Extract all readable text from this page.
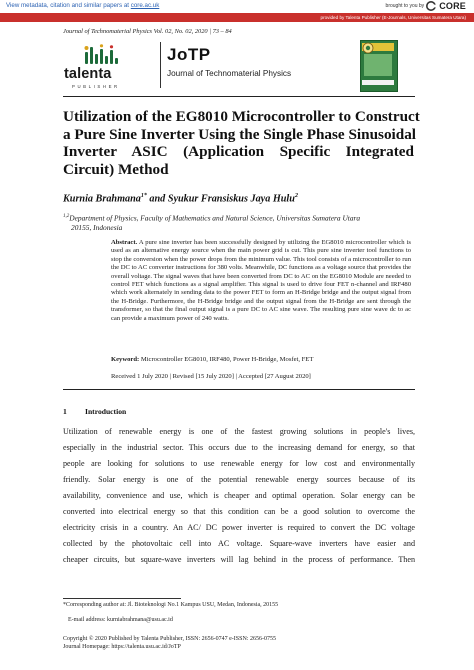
View metadata, citation and similar papers at core.ac.uk	brought to you by CORE
provided by Talenta Publisher (E-Journals, Universitas Sumatera Utara)
Journal of Technomaterial Physics Vol. 02, No. 02, 2020 | 73 – 84
talenta
PUBLISHER
JoTP
Journal of Technomaterial Physics
Utilization of the EG8010 Microcontroller to Construct
a Pure Sine Inverter Using the Single Phase Sinusoidal
Inverter ASIC (Application Specific Integrated
Circuit) Method
Kurnia Brahmana$^{1*}$ and Syukur Fransiskus Jaya Hulu$^2$
$^{1,2}$Department of Physics, Faculty of Mathematics and Natural Science, Universitas Sumatera Utara
20155, Indonesia
Abstract. A pure sine inverter has been successfully designed by utilizing the EG8010 microcontroller which is used as an alternative energy source when the main power grid is cut. This pure sine inverter tool functions to stop the conversion when the power drops from the minimum value. This tool consists of a microcontroller to run the DC to AC converter instructions for 380 volts. Meanwhile, DC functions as a voltage source that provides the overall voltage. The signal waves that have been converted from DC to AC on the EG8010 Module are needed to control FET which functions as a signal amplifier. This signal is used to drive four FET n-channel and IRF480 which work alternately in sending data to the power FET to form an H-Bridge bridge and the output signal from the H-Bridge. Furthermore, the H-Bridge bridge and the output signal from the H-Bridge are sent through the transformer, so that the final output signal is a pure DC to AC sine wave. The resulting pure sine wave dc to ac can provide a maximum power of 240 watts.
Keyword: Microcontroller EG8010, IRF480, Power H-Bridge, Mosfet, FET
Received 1 July 2020 | Revised [15 July 2020] | Accepted [27 August 2020]
1 Introduction
Utilization of renewable energy is one of the fastest growing solutions in people's lives,
especially in the industrial sector. This occurs due to the increasing demand for energy, so that
people are looking for solutions to use renewable energy for low cost and environmentally
friendly. Solar energy is one of the potential renewable energy sources because of its
availability, convenience and use, which is cheaper and optimal operation. Solar energy can be
converted into electrical energy so that this condition can be a good solution to overcome the
electricity crisis in a country. An AC/ DC power inverter is required to convert the DC voltage
collected by the photovoltaic cell into AC voltage. Square-wave inverters have easier and
cheaper circuits, but square-wave inverters will lag behind in the process of performance. Then
*Corresponding author at: Jl. Bioteknologi No.1 Kampus USU, Medan, Indonesia, 20155
E-mail address: kurniabrahmana@usu.ac.id
Copyright © 2020 Published by Talenta Publisher, ISSN: 2656-0747 e-ISSN: 2656-0755
Journal Homepage: https://talenta.usu.ac.id/JoTP
